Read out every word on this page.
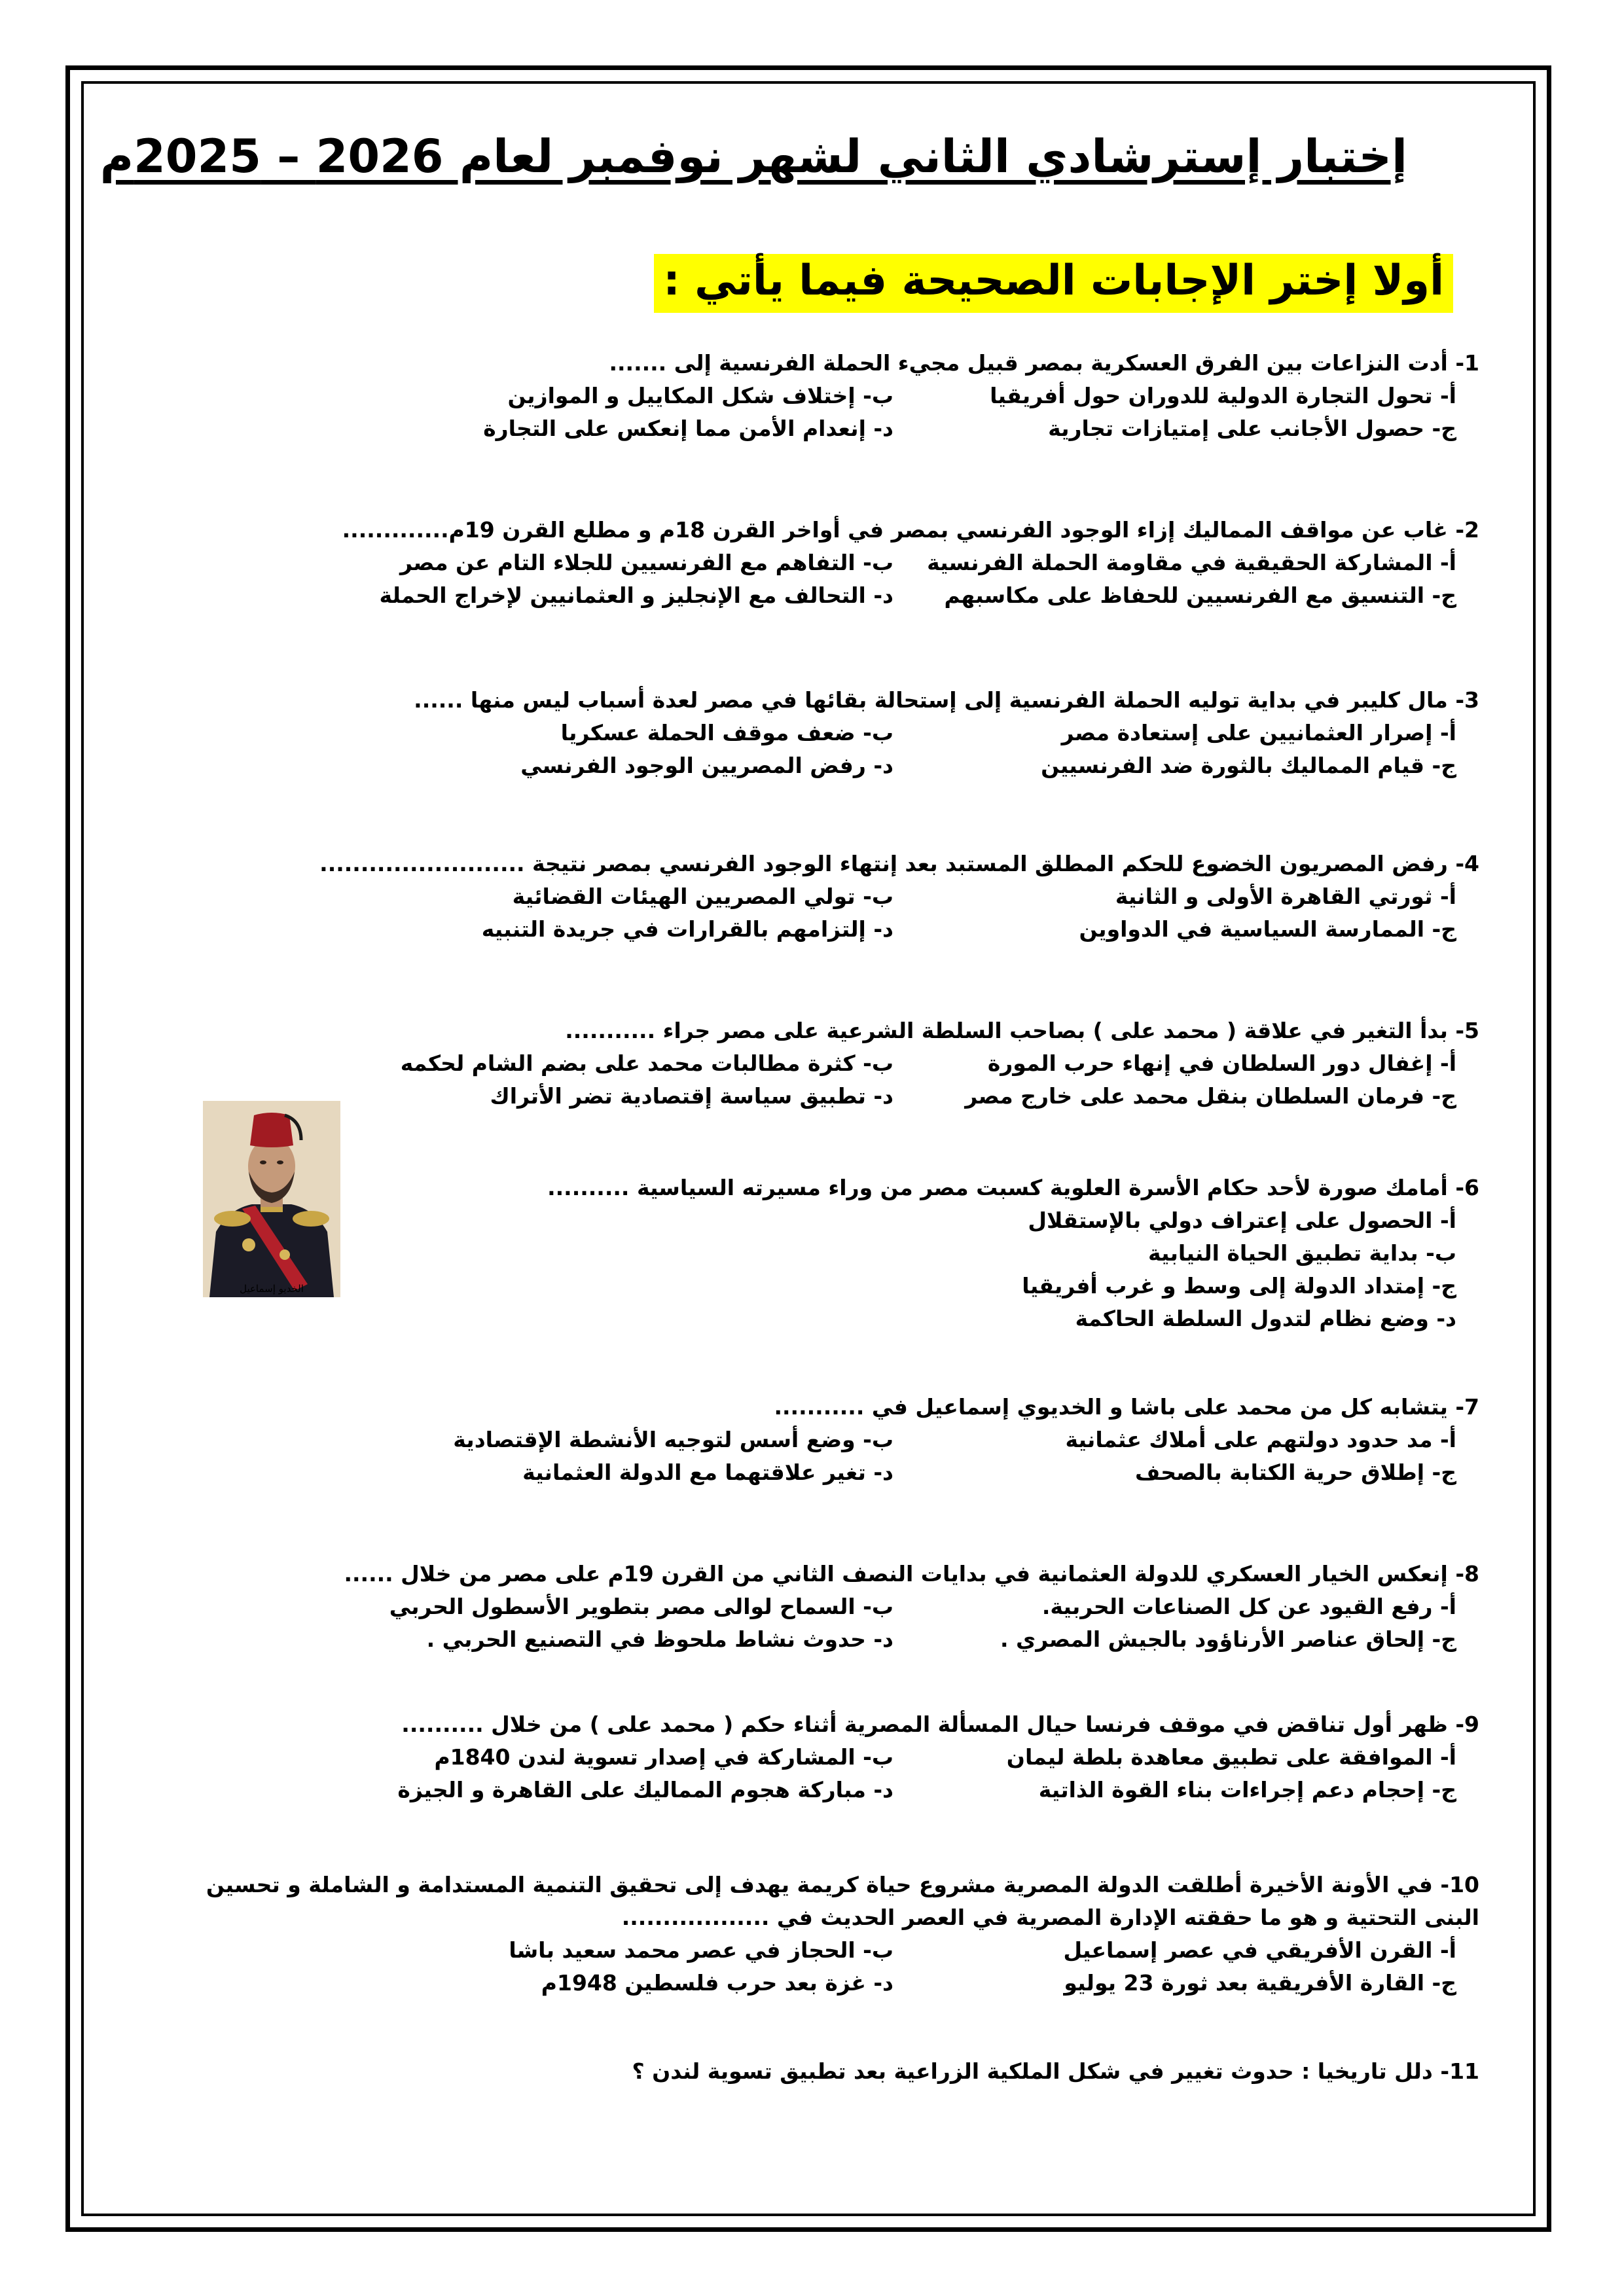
إختبار إسترشادي الثاني لشهر نوفمبر لعام 2026 – 2025م
أولا إختر الإجابات الصحيحة فيما يأتي :
1- أدت النزاعات بين الفرق العسكرية بمصر قبيل مجيء الحملة الفرنسية إلى .......
أ- تحول التجارة الدولية للدوران حول أفريقيا
ب- إختلاف شكل المكاييل و الموازين
ج- حصول الأجانب على إمتيازات تجارية
د- إنعدام الأمن مما إنعكس على التجارة
2- غاب عن مواقف المماليك إزاء الوجود الفرنسي بمصر في أواخر القرن 18م و مطلع القرن 19م.............
أ- المشاركة الحقيقية في مقاومة الحملة الفرنسية
ب- التفاهم مع الفرنسيين للجلاء التام عن مصر
ج- التنسيق مع الفرنسيين للحفاظ على مكاسبهم
د- التحالف مع الإنجليز و العثمانيين لإخراج الحملة
3- مال كليبر في بداية توليه الحملة الفرنسية إلى إستحالة بقائها في مصر لعدة أسباب ليس منها ......
أ- إصرار العثمانيين على إستعادة مصر
ب- ضعف موقف الحملة عسكريا
ج- قيام المماليك بالثورة ضد الفرنسيين
د- رفض المصريين الوجود الفرنسي
4- رفض المصريون الخضوع للحكم المطلق المستبد بعد إنتهاء الوجود الفرنسي بمصر نتيجة .........................
أ- ثورتي القاهرة الأولى و الثانية
ب- تولي المصريين الهيئات القضائية
ج- الممارسة السياسية في الدواوين
د- إلتزامهم بالقرارات في جريدة التنبيه
5- بدأ التغير في علاقة ( محمد على ) بصاحب السلطة الشرعية على مصر جراء ...........
أ- إغفال دور السلطان في إنهاء حرب المورة
ب- كثرة مطالبات محمد على بضم الشام لحكمه
ج- فرمان السلطان بنقل محمد على خارج مصر
د- تطبيق سياسة إقتصادية تضر الأتراك
6- أمامك صورة لأحد حكام الأسرة العلوية كسبت مصر من وراء مسيرته السياسية ..........
أ- الحصول على إعتراف دولي بالإستقلال
ب- بداية تطبيق الحياة النيابية
ج- إمتداد الدولة إلى وسط و غرب أفريقيا
د- وضع نظام لتدول السلطة الحاكمة
7- يتشابه كل من محمد على باشا و الخديوي إسماعيل في ...........
أ- مد حدود دولتهم على أملاك عثمانية
ب- وضع أسس لتوجيه الأنشطة الإقتصادية
ج- إطلاق حرية الكتابة بالصحف
د- تغير علاقتهما مع الدولة العثمانية
8- إنعكس الخيار العسكري للدولة العثمانية في بدايات النصف الثاني من القرن 19م على مصر من خلال ......
أ- رفع القيود عن كل الصناعات الحربية.
ب- السماح لوالى مصر بتطوير الأسطول الحربي
ج- إلحاق عناصر الأرناؤود بالجيش المصري .
د- حدوث نشاط ملحوظ في التصنيع الحربي .
9- ظهر أول تناقض في موقف فرنسا حيال المسألة المصرية أثناء حكم ( محمد على ) من خلال ..........
أ- الموافقة على تطبيق معاهدة بلطة ليمان
ب- المشاركة في إصدار تسوية لندن 1840م
ج- إحجام دعم إجراءات بناء القوة الذاتية
د- مباركة هجوم المماليك على القاهرة و الجيزة
10- في الأونة الأخيرة أطلقت الدولة المصرية مشروع حياة كريمة يهدف إلى تحقيق التنمية المستدامة و الشاملة و تحسين البنى التحتية و هو ما حققته الإدارة المصرية في العصر الحديث في ..................
أ- القرن الأفريقي في عصر إسماعيل
ب- الحجاز في عصر محمد سعيد باشا
ج- القارة الأفريقية بعد ثورة 23 يوليو
د- غزة بعد حرب فلسطين 1948م
11- دلل تاريخيا : حدوث تغيير في شكل الملكية الزراعية بعد تطبيق تسوية لندن ؟
الخديو إسماعيل
